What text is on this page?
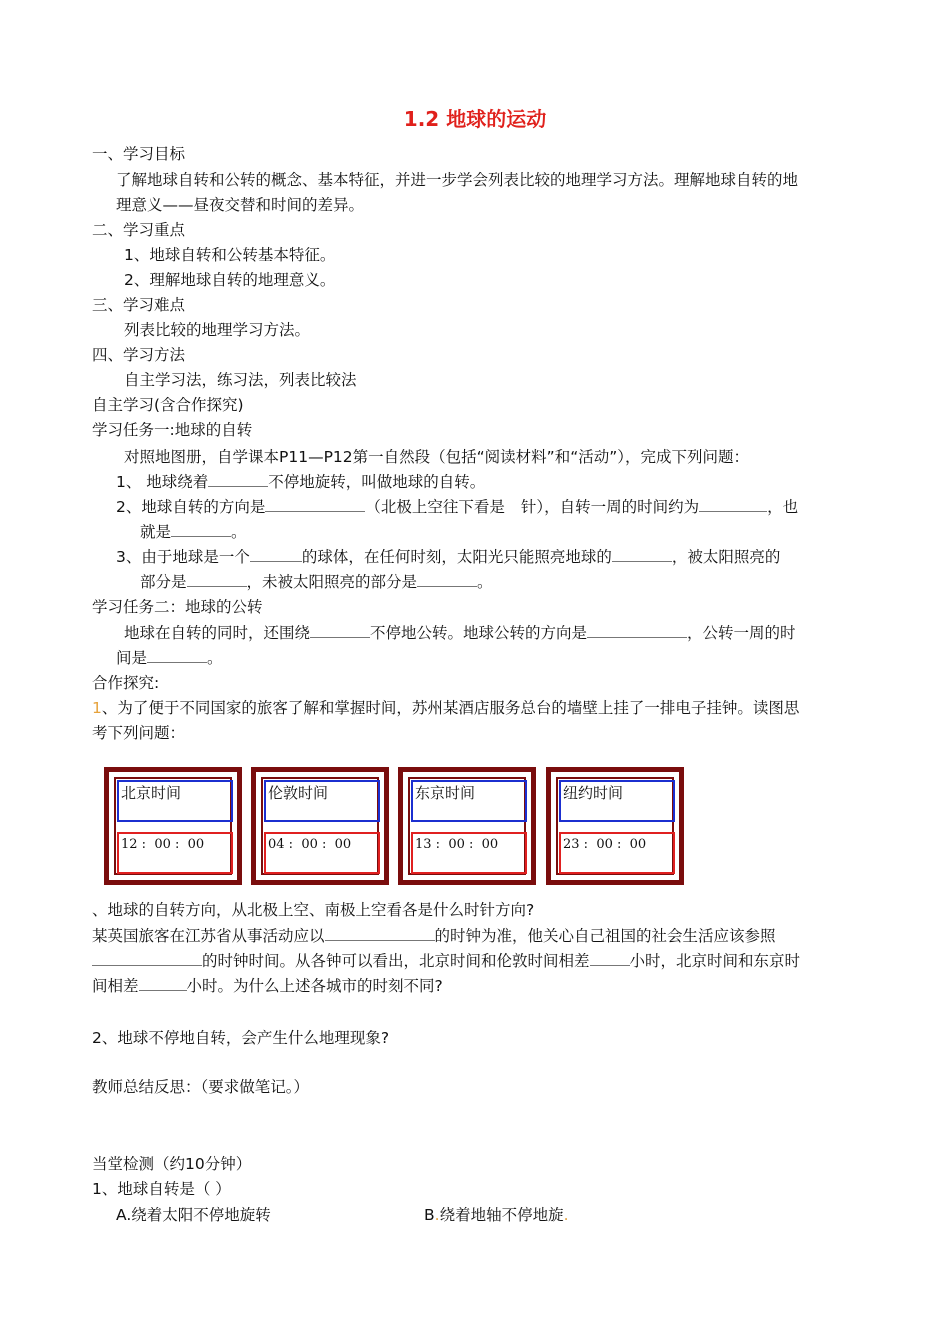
1.2 地球的运动
一、学习目标
了解地球自转和公转的概念、基本特征，并进一步学会列表比较的地理学习方法。理解地球自转的地
理意义——昼夜交替和时间的差异。
二、学习重点
1、地球自转和公转基本特征。
2、理解地球自转的地理意义。
三、学习难点
列表比较的地理学习方法。
四、学习方法
自主学习法，练习法，列表比较法
自主学习(含合作探究)
学习任务一:地球的自转
对照地图册，自学课本P11—P12第一自然段（包括“阅读材料”和“活动”），完成下列问题：
1、 地球绕着	不停地旋转，叫做地球的自转。
2、地球自转的方向是	（北极上空往下看是 针），自转一周的时间约为	，也
就是	。
3、由于地球是一个	的球体，在任何时刻，太阳光只能照亮地球的	，被太阳照亮的
部分是	，未被太阳照亮的部分是	。
学习任务二：地球的公转
地球在自转的同时，还围绕	不停地公转。地球公转的方向是	，公转一周的时
间是	。
合作探究:
1、为了便于不同国家的旅客了解和掌握时间，苏州某酒店服务总台的墙壁上挂了一排电子挂钟。读图思
考下列问题：
北京时间
12 :  00 :  00
伦敦时间
04 :  00 :  00
东京时间
13 :  00 :  00
纽约时间
23 :  00 :  00
、地球的自转方向，从北极上空、南极上空看各是什么时针方向?
某英国旅客在江苏省从事活动应以	的时钟为准，他关心自己祖国的社会生活应该参照
的时钟时间。从各钟可以看出，北京时间和伦敦时间相差	小时，北京时间和东京时
间相差	小时。为什么上述各城市的时刻不同?
2、地球不停地自转，会产生什么地理现象?
教师总结反思：（要求做笔记。）
当堂检测（约10分钟）
1、地球自转是（ ）
A.绕着太阳不停地旋转	B.绕着地轴不停地旋.
